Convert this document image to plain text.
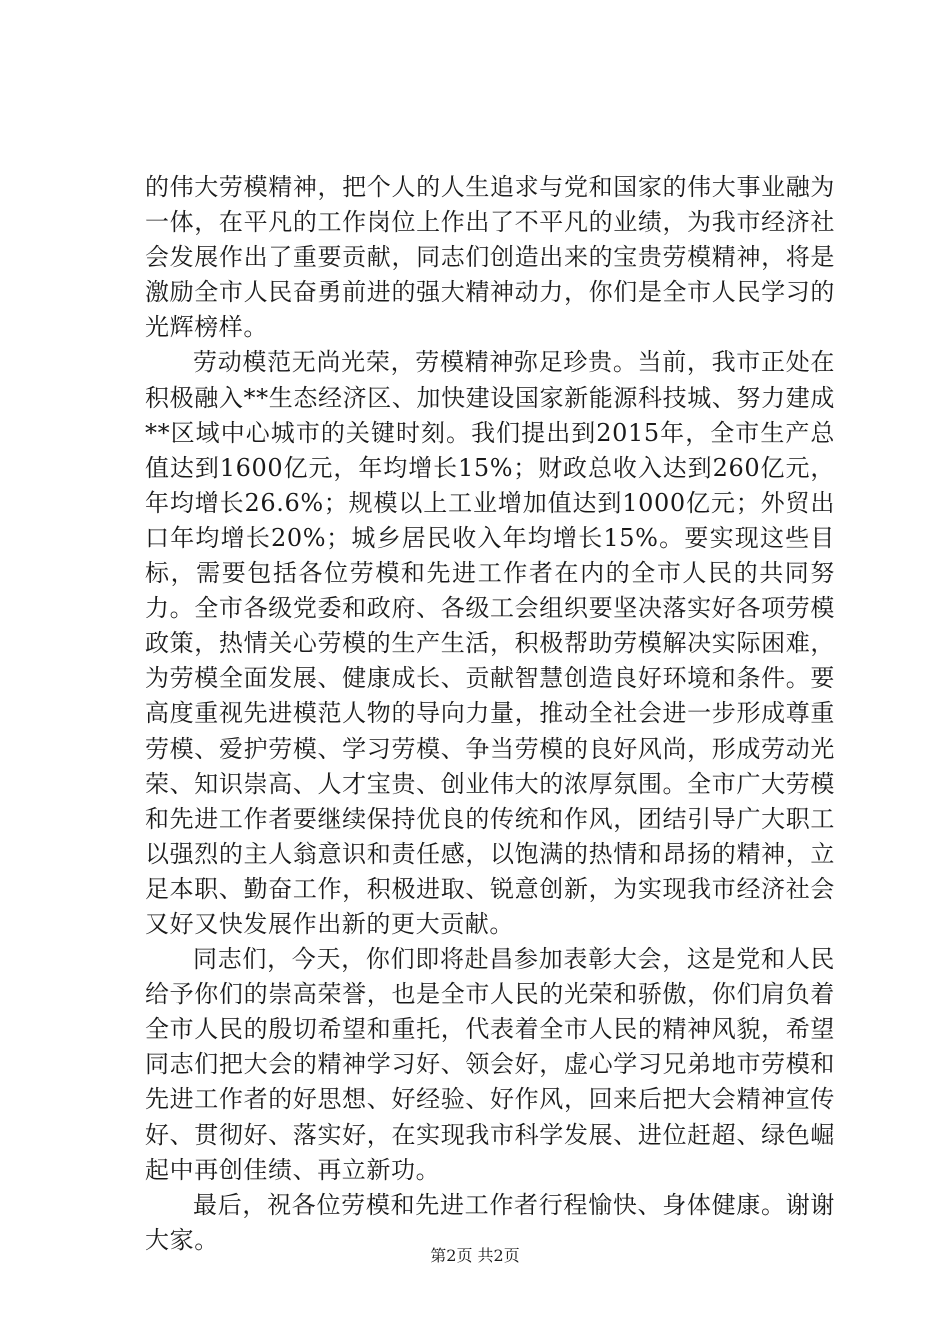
的伟大劳模精神，把个人的人生追求与党和国家的伟大事业融为一体，在平凡的工作岗位上作出了不平凡的业绩，为我市经济社会发展作出了重要贡献，同志们创造出来的宝贵劳模精神，将是激励全市人民奋勇前进的强大精神动力，你们是全市人民学习的光辉榜样。

劳动模范无尚光荣，劳模精神弥足珍贵。当前，我市正处在积极融入**生态经济区、加快建设国家新能源科技城、努力建成**区域中心城市的关键时刻。我们提出到2015年，全市生产总值达到1600亿元，年均增长15%；财政总收入达到260亿元，年均增长26.6%；规模以上工业增加值达到1000亿元；外贸出口年均增长20%；城乡居民收入年均增长15%。要实现这些目标，需要包括各位劳模和先进工作者在内的全市人民的共同努力。全市各级党委和政府、各级工会组织要坚决落实好各项劳模政策，热情关心劳模的生产生活，积极帮助劳模解决实际困难，为劳模全面发展、健康成长、贡献智慧创造良好环境和条件。要高度重视先进模范人物的导向力量，推动全社会进一步形成尊重劳模、爱护劳模、学习劳模、争当劳模的良好风尚，形成劳动光荣、知识崇高、人才宝贵、创业伟大的浓厚氛围。全市广大劳模和先进工作者要继续保持优良的传统和作风，团结引导广大职工以强烈的主人翁意识和责任感，以饱满的热情和昂扬的精神，立足本职、勤奋工作，积极进取、锐意创新，为实现我市经济社会又好又快发展作出新的更大贡献。

同志们，今天，你们即将赴昌参加表彰大会，这是党和人民给予你们的崇高荣誉，也是全市人民的光荣和骄傲，你们肩负着全市人民的殷切希望和重托，代表着全市人民的精神风貌，希望同志们把大会的精神学习好、领会好，虚心学习兄弟地市劳模和先进工作者的好思想、好经验、好作风，回来后把大会精神宣传好、贯彻好、落实好，在实现我市科学发展、进位赶超、绿色崛起中再创佳绩、再立新功。

最后，祝各位劳模和先进工作者行程愉快、身体健康。谢谢大家。

第2页 共2页
